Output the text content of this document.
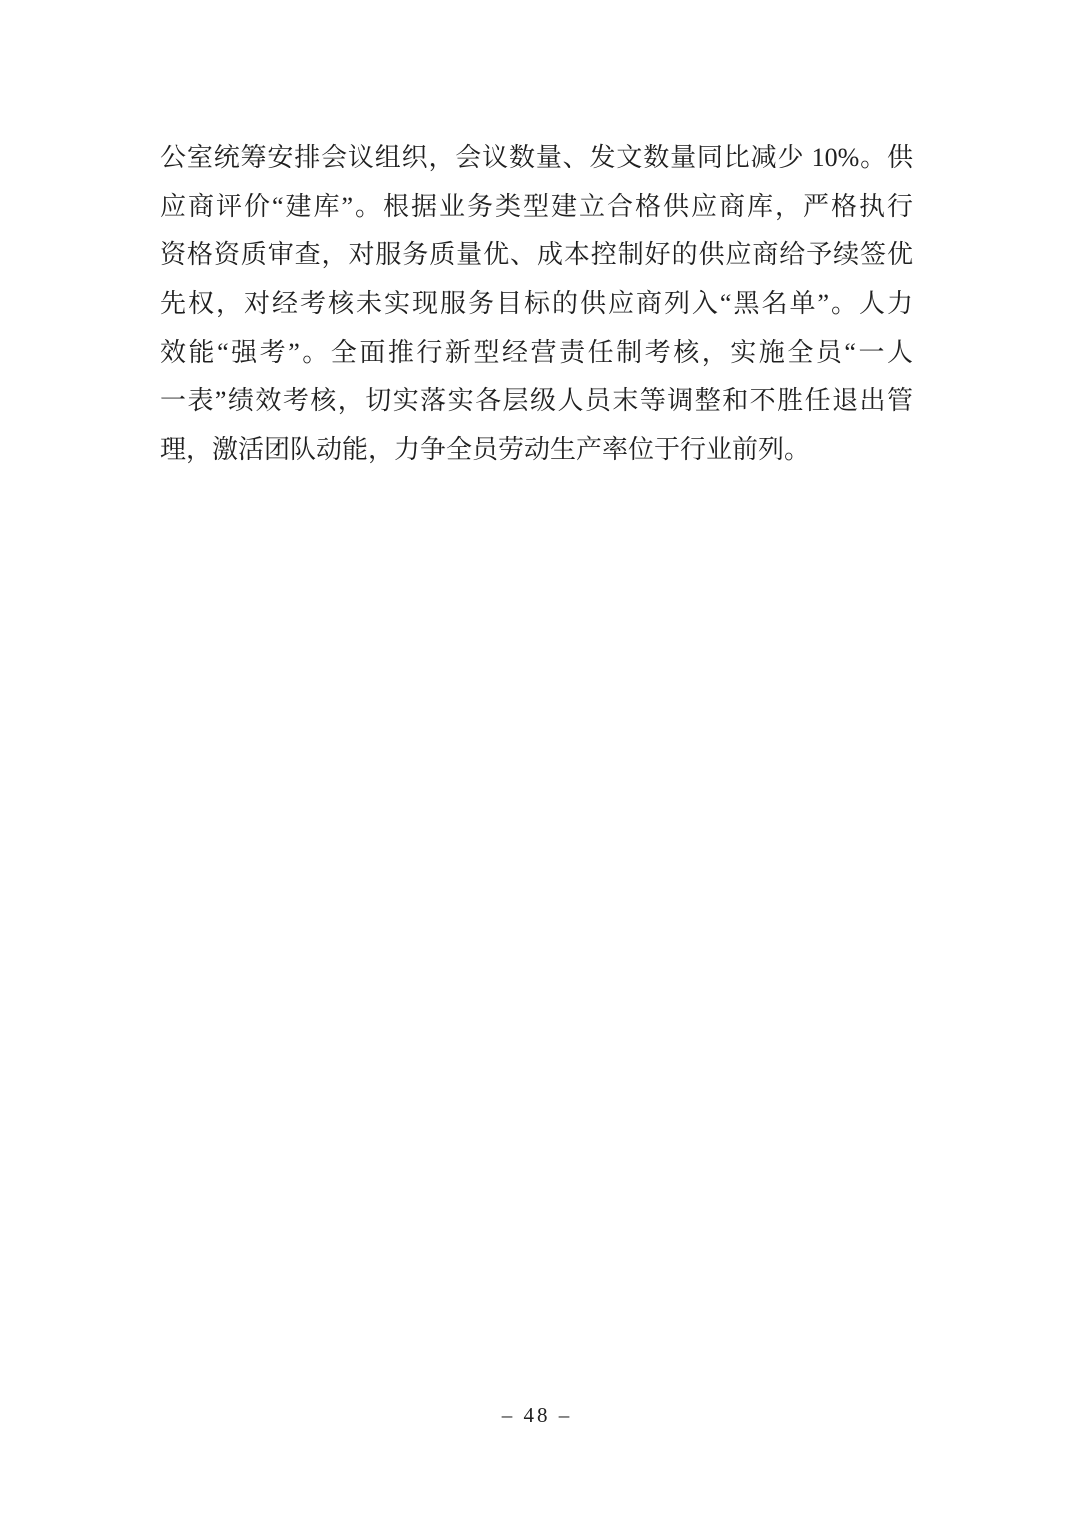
公室统筹安排会议组织，会议数量、发文数量同比减少 10%。供
应商评价“建库”。根据业务类型建立合格供应商库，严格执行
资格资质审查，对服务质量优、成本控制好的供应商给予续签优
先权，对经考核未实现服务目标的供应商列入“黑名单”。人力
效能“强考”。全面推行新型经营责任制考核，实施全员“一人
一表”绩效考核，切实落实各层级人员末等调整和不胜任退出管
理，激活团队动能，力争全员劳动生产率位于行业前列。
– 48 –
